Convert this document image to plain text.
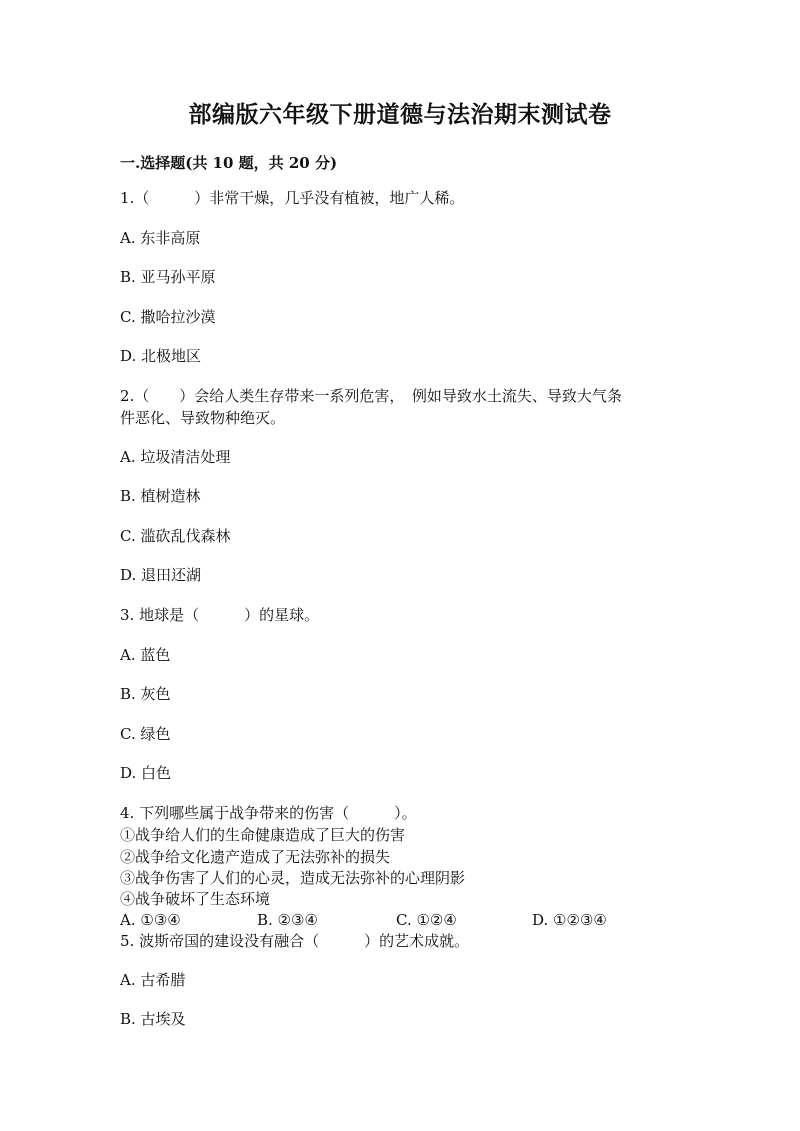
部编版六年级下册道德与法治期末测试卷
一.选择题(共 10 题，共 20 分)
1.（　　　）非常干燥，几乎没有植被，地广人稀。
A. 东非高原
B. 亚马孙平原
C. 撒哈拉沙漠
D. 北极地区
2.（　　）会给人类生存带来一系列危害，　例如导致水土流失、导致大气条
件恶化、导致物种绝灭。
A. 垃圾清洁处理
B. 植树造林
C. 滥砍乱伐森林
D. 退田还湖
3. 地球是（　　　）的星球。
A. 蓝色
B. 灰色
C. 绿色
D. 白色
4. 下列哪些属于战争带来的伤害（　　　）。
①战争给人们的生命健康造成了巨大的伤害
②战争给文化遗产造成了无法弥补的损失
③战争伤害了人们的心灵，造成无法弥补的心理阴影
④战争破坏了生态环境
A. ①③④	B. ②③④	C. ①②④	D. ①②③④
5. 波斯帝国的建设没有融合（　　　）的艺术成就。
A. 古希腊
B. 古埃及
